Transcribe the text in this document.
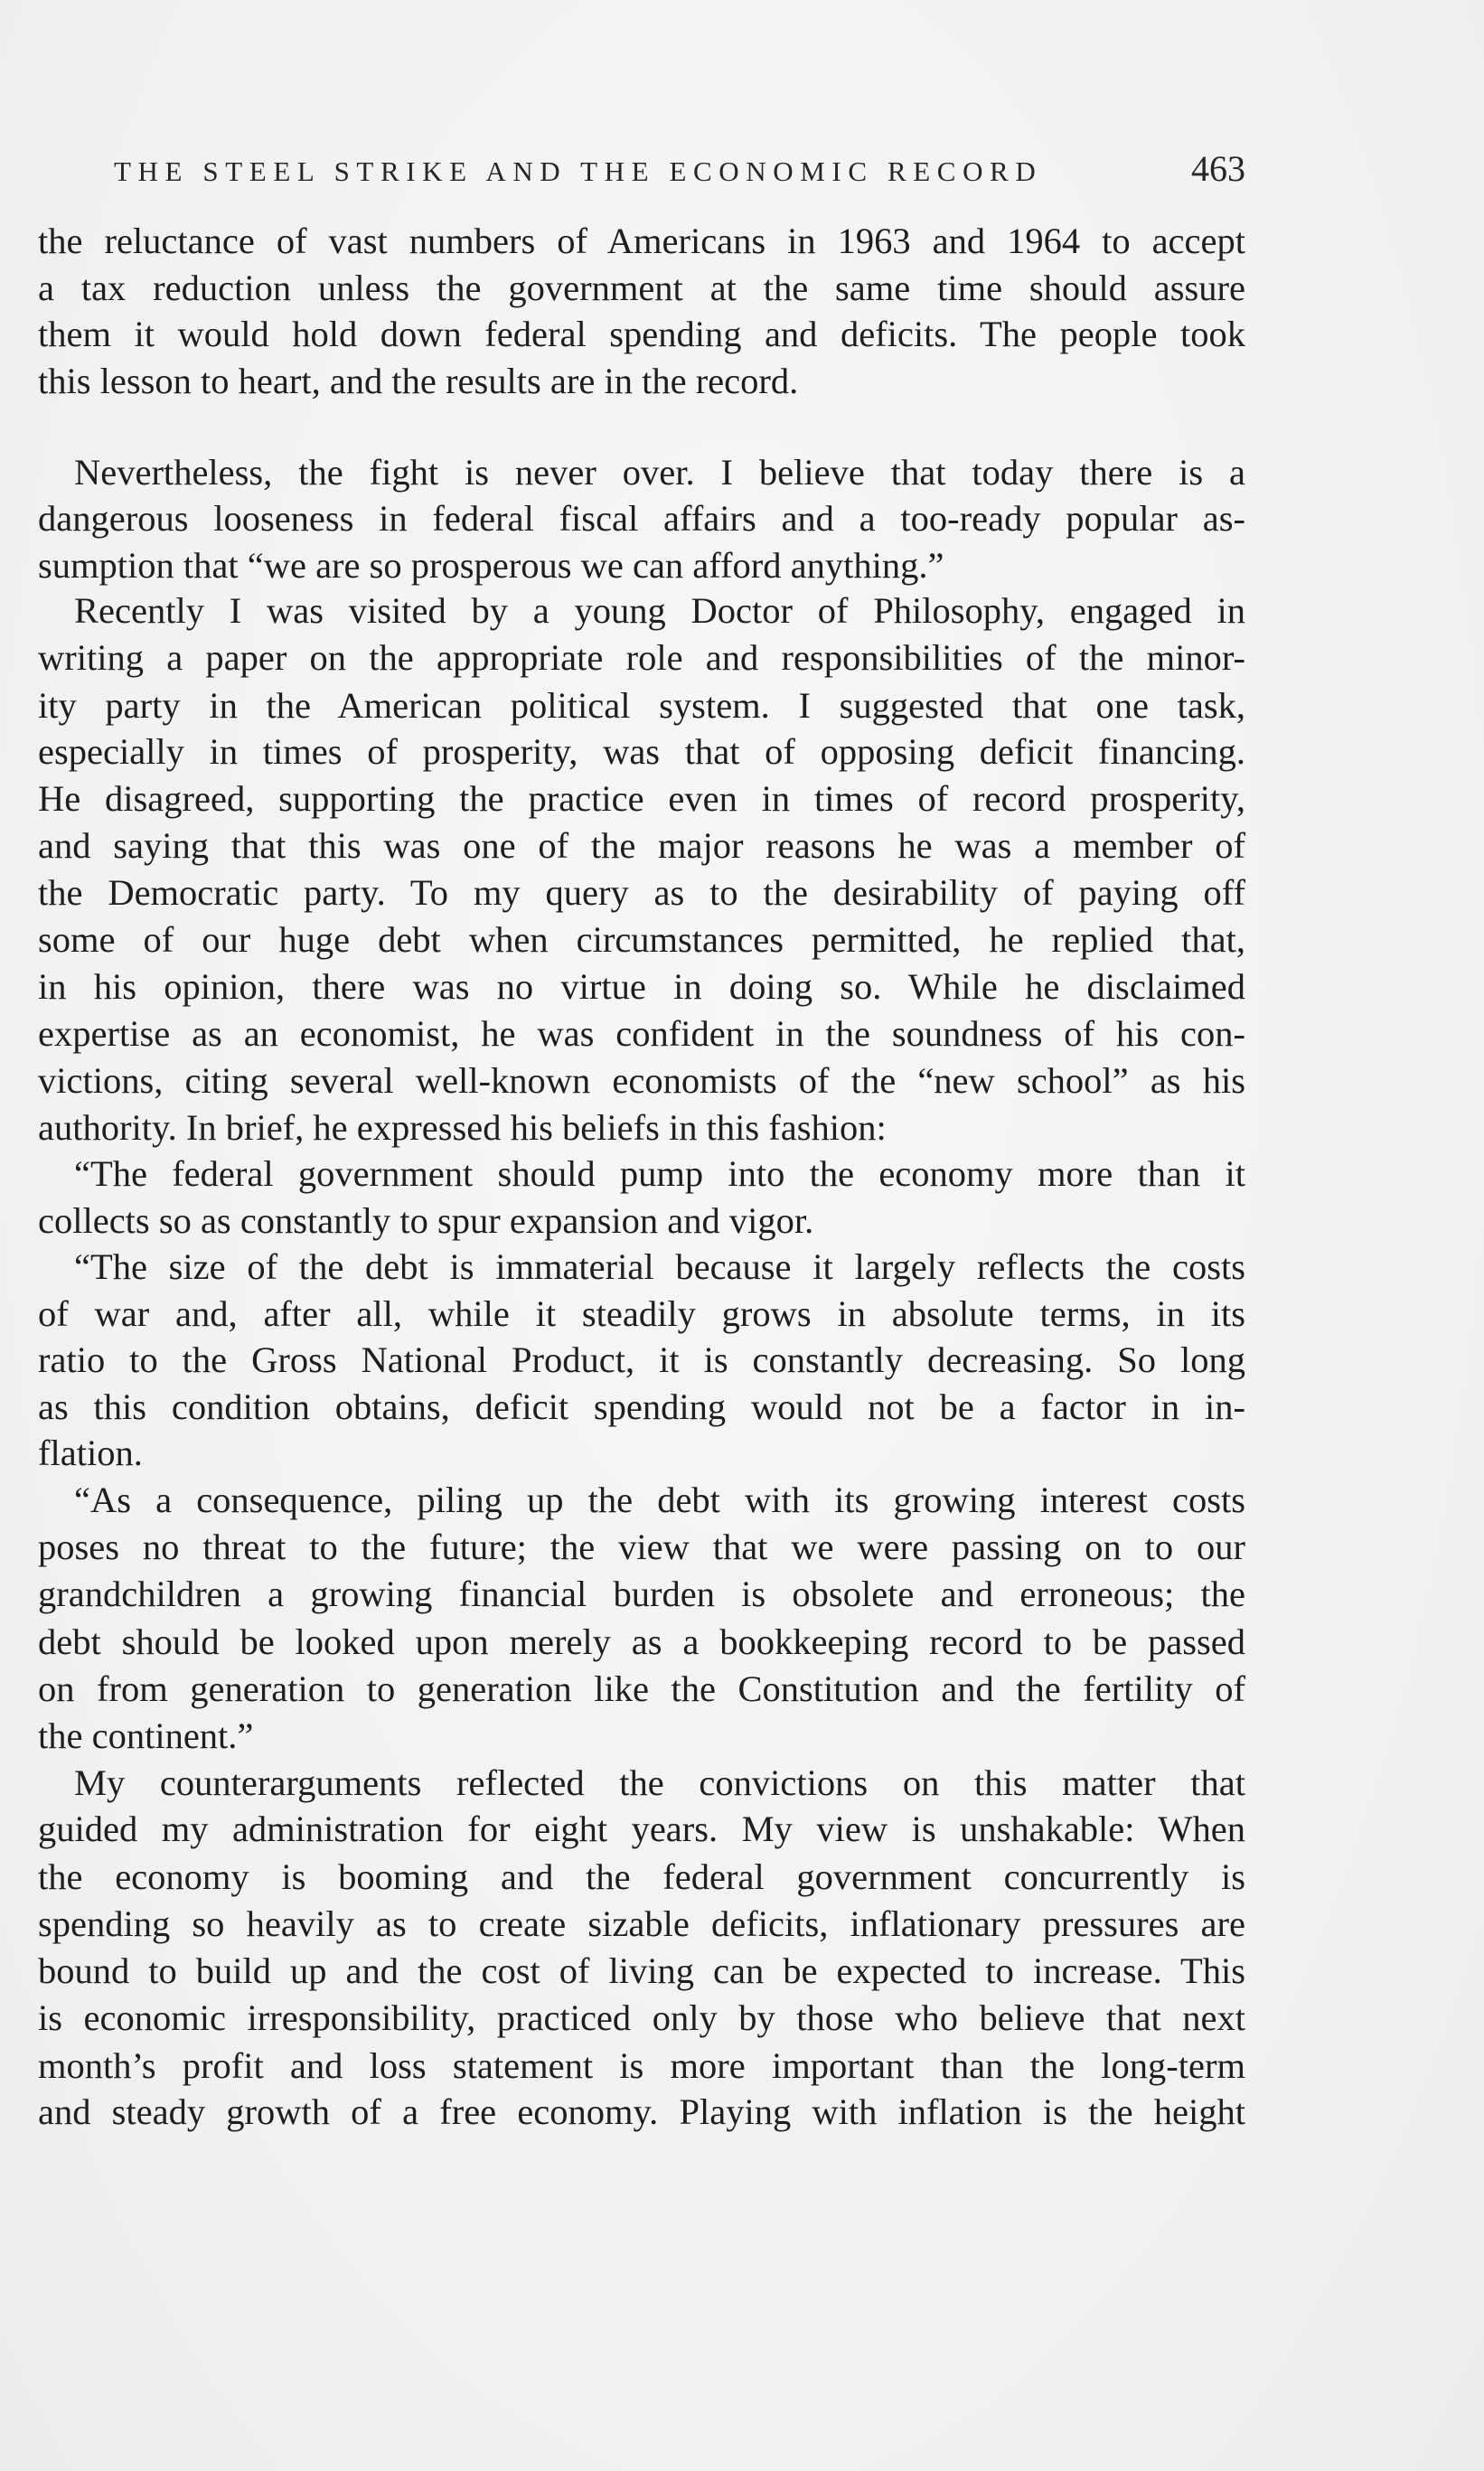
THE STEEL STRIKE AND THE ECONOMIC RECORD	463
the reluctance of vast numbers of Americans in 1963 and 1964 to accept
a tax reduction unless the government at the same time should assure
them it would hold down federal spending and deficits. The people took
this lesson to heart, and the results are in the record.
Nevertheless, the fight is never over. I believe that today there is a
dangerous looseness in federal fiscal affairs and a too-ready popular as-
sumption that “we are so prosperous we can afford anything.”
Recently I was visited by a young Doctor of Philosophy, engaged in
writing a paper on the appropriate role and responsibilities of the minor-
ity party in the American political system. I suggested that one task,
especially in times of prosperity, was that of opposing deficit financing.
He disagreed, supporting the practice even in times of record prosperity,
and saying that this was one of the major reasons he was a member of
the Democratic party. To my query as to the desirability of paying off
some of our huge debt when circumstances permitted, he replied that,
in his opinion, there was no virtue in doing so. While he disclaimed
expertise as an economist, he was confident in the soundness of his con-
victions, citing several well-known economists of the “new school” as his
authority. In brief, he expressed his beliefs in this fashion:
“The federal government should pump into the economy more than it
collects so as constantly to spur expansion and vigor.
“The size of the debt is immaterial because it largely reflects the costs
of war and, after all, while it steadily grows in absolute terms, in its
ratio to the Gross National Product, it is constantly decreasing. So long
as this condition obtains, deficit spending would not be a factor in in-
flation.
“As a consequence, piling up the debt with its growing interest costs
poses no threat to the future; the view that we were passing on to our
grandchildren a growing financial burden is obsolete and erroneous; the
debt should be looked upon merely as a bookkeeping record to be passed
on from generation to generation like the Constitution and the fertility of
the continent.”
My counterarguments reflected the convictions on this matter that
guided my administration for eight years. My view is unshakable: When
the economy is booming and the federal government concurrently is
spending so heavily as to create sizable deficits, inflationary pressures are
bound to build up and the cost of living can be expected to increase. This
is economic irresponsibility, practiced only by those who believe that next
month’s profit and loss statement is more important than the long-term
and steady growth of a free economy. Playing with inflation is the height
